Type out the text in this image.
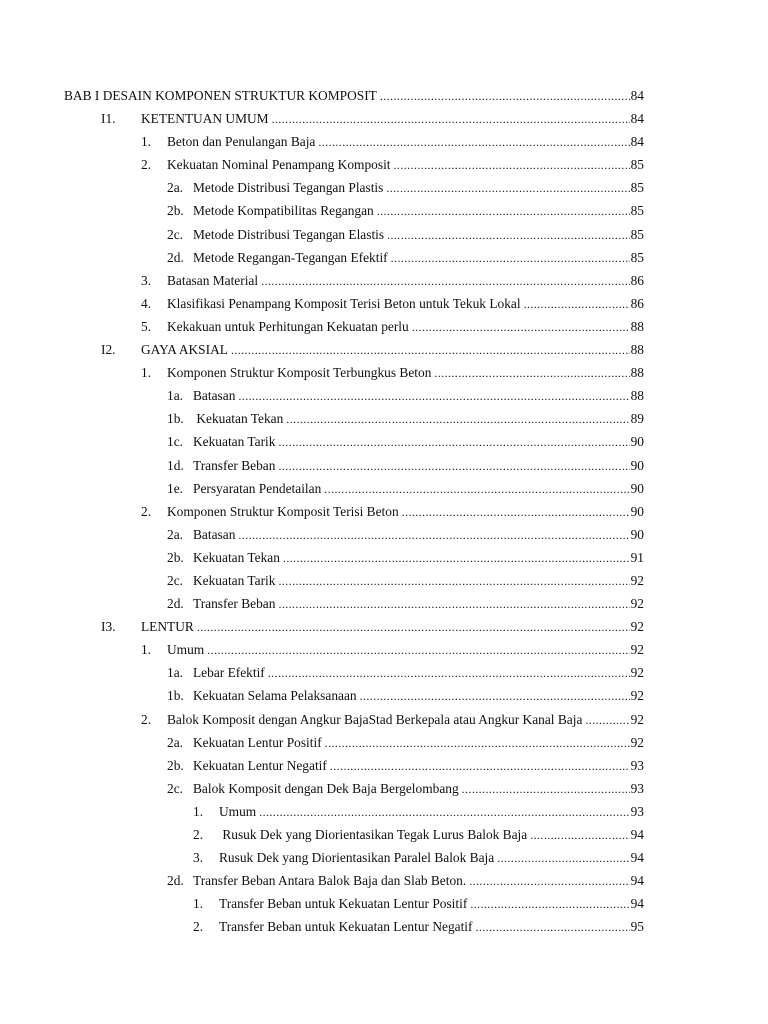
BAB I DESAIN KOMPONEN STRUKTUR KOMPOSIT .....	84
I1. KETENTUAN UMUM .....	84
1. Beton dan Penulangan Baja .....	84
2. Kekuatan Nominal Penampang Komposit .....	85
2a. Metode Distribusi Tegangan Plastis .....	85
2b. Metode Kompatibilitas Regangan .....	85
2c. Metode Distribusi Tegangan Elastis .....	85
2d. Metode Regangan-Tegangan Efektif .....	85
3. Batasan Material .....	86
4. Klasifikasi Penampang Komposit Terisi Beton untuk Tekuk Lokal .....	86
5. Kekakuan untuk Perhitungan Kekuatan perlu .....	88
I2. GAYA AKSIAL .....	88
1. Komponen Struktur Komposit Terbungkus Beton .....	88
1a. Batasan .....	88
1b. Kekuatan Tekan .....	89
1c. Kekuatan Tarik .....	90
1d. Transfer Beban .....	90
1e. Persyaratan Pendetailan .....	90
2. Komponen Struktur Komposit Terisi Beton .....	90
2a. Batasan .....	90
2b. Kekuatan Tekan .....	91
2c. Kekuatan Tarik .....	92
2d. Transfer Beban .....	92
I3. LENTUR .....	92
1. Umum .....	92
1a. Lebar Efektif .....	92
1b. Kekuatan Selama Pelaksanaan .....	92
2. Balok Komposit dengan Angkur BajaStad Berkepala atau Angkur Kanal Baja .....	92
2a. Kekuatan Lentur Positif .....	92
2b. Kekuatan Lentur Negatif .....	93
2c. Balok Komposit dengan Dek Baja Bergelombang .....	93
1. Umum .....	93
2. Rusuk Dek yang Diorientasikan Tegak Lurus Balok Baja .....	94
3. Rusuk Dek yang Diorientasikan Paralel Balok Baja .....	94
2d. Transfer Beban Antara Balok Baja dan Slab Beton. .....	94
1. Transfer Beban untuk Kekuatan Lentur Positif .....	94
2. Transfer Beban untuk Kekuatan Lentur Negatif .....	95
